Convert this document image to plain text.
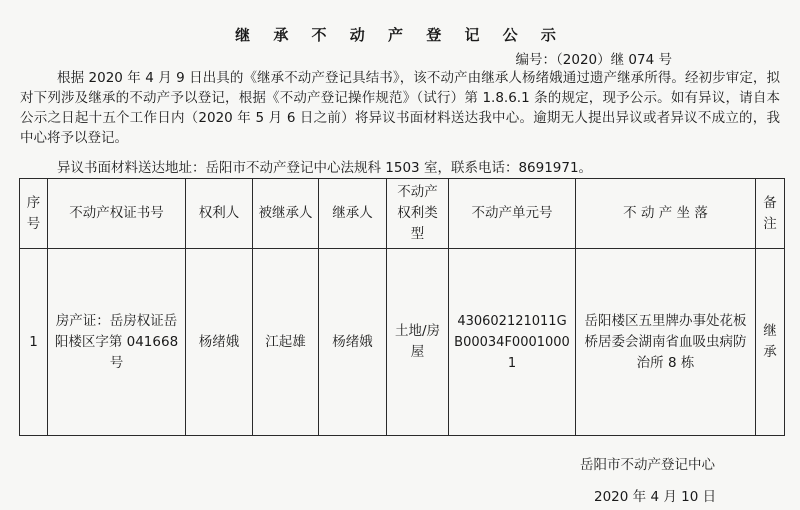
继 承 不 动 产 登 记 公 示
编号：（2020）继 074 号
根据 2020 年 4 月 9 日出具的《继承不动产登记具结书》，该不动产由继承人杨绪娥通过遗产继承所得。经初步审定，拟对下列涉及继承的不动产予以登记，根据《不动产登记操作规范》（试行）第 1.8.6.1 条的规定，现予公示。如有异议，请自本公示之日起十五个工作日内（2020 年 5 月 6 日之前）将异议书面材料送达我中心。逾期无人提出异议或者异议不成立的，我中心将予以登记。
异议书面材料送达地址：岳阳市不动产登记中心法规科 1503 室，联系电话：8691971。
序号	不动产权证书号	权利人	被继承人	继承人	不动产权利类型	不动产单元号	不 动 产 坐 落	备注
1	房产证：岳房权证岳阳楼区字第 041668 号	杨绪娥	江起雄	杨绪娥	土地/房屋	430602121011GB00034F00010001	岳阳楼区五里牌办事处花板桥居委会湖南省血吸虫病防治所 8 栋	继承
岳阳市不动产登记中心
2020 年 4 月 10 日
